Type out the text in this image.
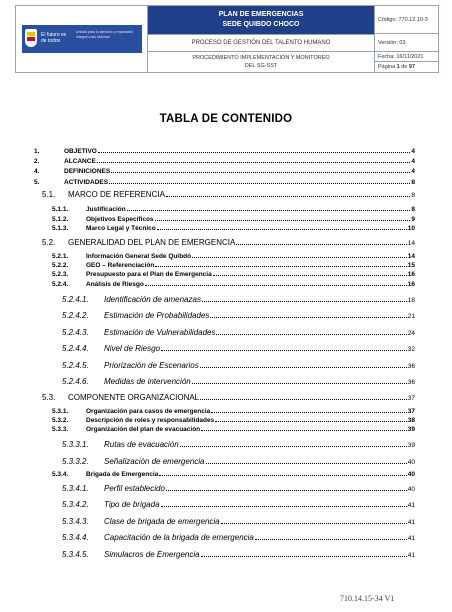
El futuro es de todos
Unidad para la atención y reparación integral a las víctimas
PLAN DE EMERGENCIAS
SEDE QUIBDO CHOCO
PROCESO DE GESTIÓN DEL TALENTO HUMANO
PROCEDIMIENTO IMPLEMENTACIÓN Y MONITOREO
DEL SG-SST
Código: 770.12.10-3
Versión: 03
Fecha: 16/11/2021
Página 1 de 97
TABLA DE CONTENIDO
1.	OBJETIVO	4
2.	ALCANCE	4
4.	DEFINICIONES	4
5.	ACTIVIDADES	8
5.1.	MARCO DE REFERENCIA	8
5.1.1.	Justificación	8
5.1.2.	Objetivos Específicos	9
5.1.3.	Marco Legal y Técnico	10
5.2.	GENERALIDAD DEL PLAN DE EMERGENCIA	14
5.2.1.	Información General Sede Quibdó	14
5.2.2.	GEO – Referenciación	15
5.2.3.	Presupuesto para el Plan de Emergencia	16
5.2.4.	Análisis de Riesgo	16
5.2.4.1.	Identificación de amenazas	18
5.2.4.2.	Estimación de Probabilidades	21
5.2.4.3.	Estimación de Vulnerabilidades	24
5.2.4.4.	Nivel de Riesgo	32
5.2.4.5.	Priorización de Escenarios	36
5.2.4.6.	Medidas de intervención	36
5.3.	COMPONENTE ORGANIZACIONAL	37
5.3.1.	Organización para casos de emergencia	37
5.3.2.	Descripción de roles y responsabilidades	38
5.3.3.	Organización del plan de evacuación	39
5.3.3.1.	Rutas de evacuación	39
5.3.3.2.	Señalización de emergencia	40
5.3.4.	Brigada de Emergencia	40
5.3.4.1.	Perfil establecido	40
5.3.4.2.	Tipo de brigada	41
5.3.4.3.	Clase de brigada de emergencia	41
5.3.4.4.	Capacitación de la brigada de emergencia	41
5.3.4.5.	Simulacros de Emergencia	41
710.14.15-34 V1
